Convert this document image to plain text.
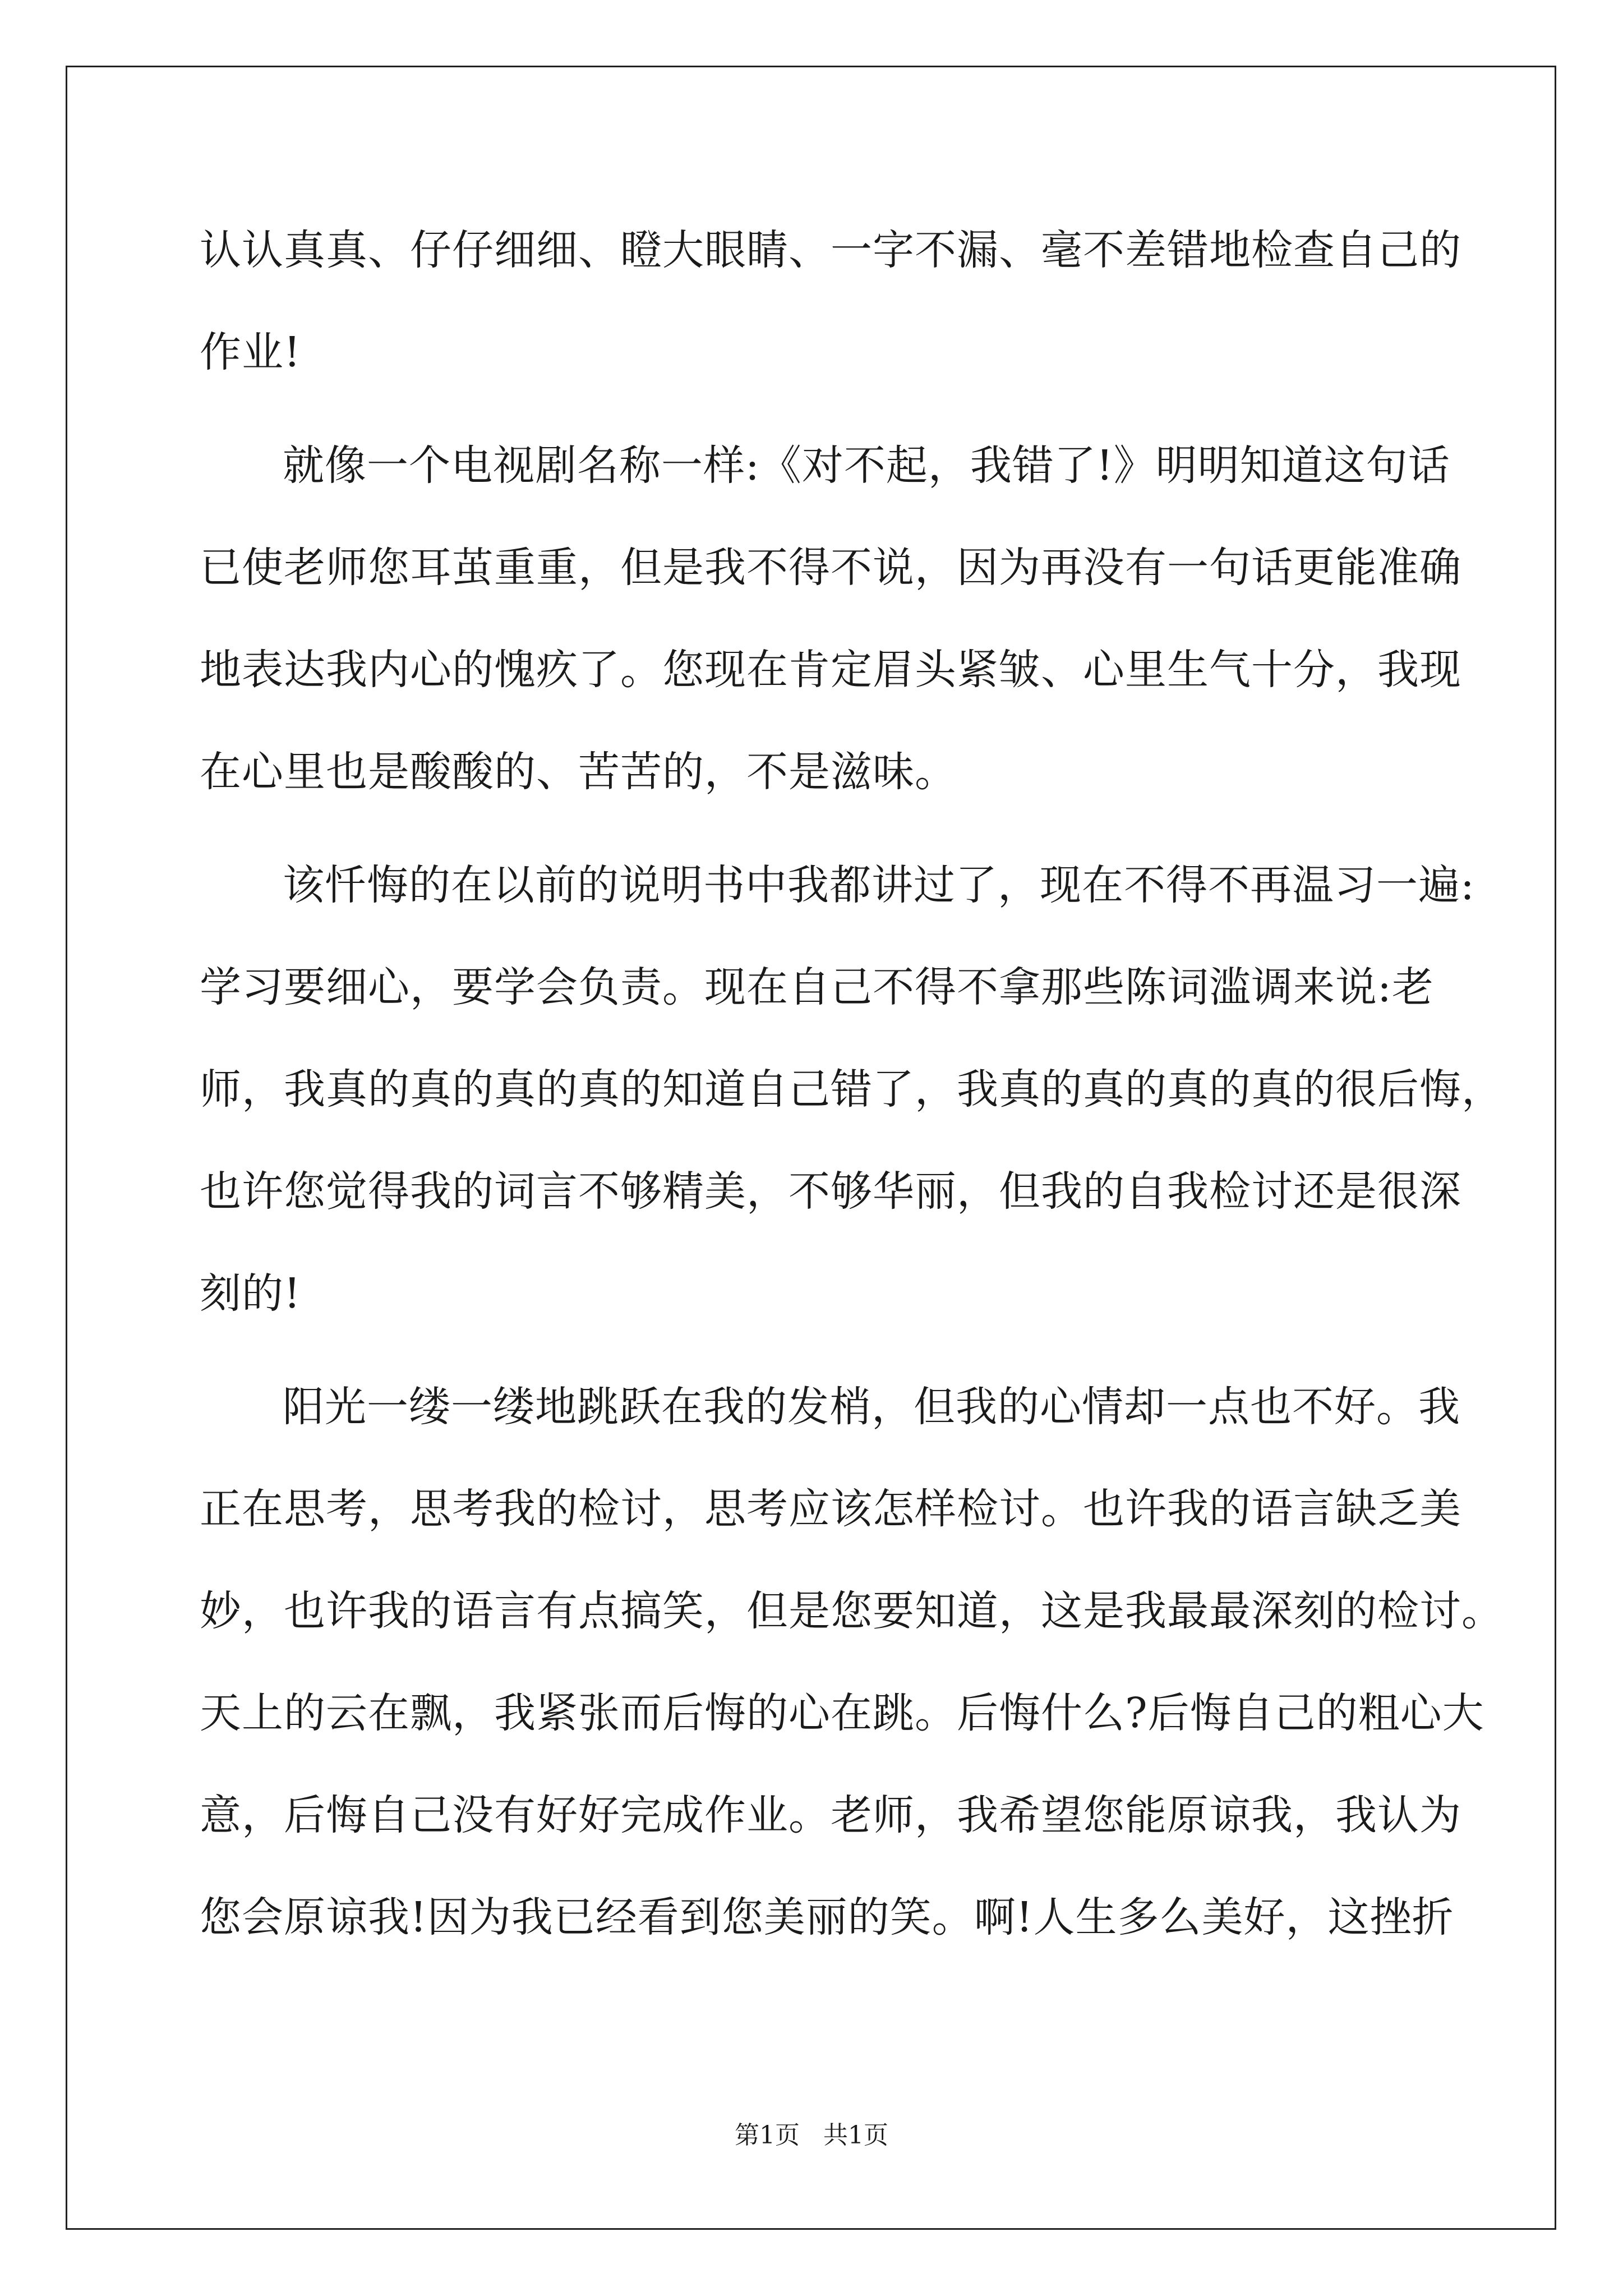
认认真真、仔仔细细、瞪大眼睛、一字不漏、毫不差错地检查自己的
作业!
就像一个电视剧名称一样:《对不起，我错了!》明明知道这句话
已使老师您耳茧重重，但是我不得不说，因为再没有一句话更能准确
地表达我内心的愧疚了。您现在肯定眉头紧皱、心里生气十分，我现
在心里也是酸酸的、苦苦的，不是滋味。
该忏悔的在以前的说明书中我都讲过了，现在不得不再温习一遍:
学习要细心，要学会负责。现在自己不得不拿那些陈词滥调来说:老
师，我真的真的真的真的知道自己错了，我真的真的真的真的很后悔，
也许您觉得我的词言不够精美，不够华丽，但我的自我检讨还是很深
刻的!
阳光一缕一缕地跳跃在我的发梢，但我的心情却一点也不好。我
正在思考，思考我的检讨，思考应该怎样检讨。也许我的语言缺乏美
妙，也许我的语言有点搞笑，但是您要知道，这是我最最深刻的检讨。
天上的云在飘，我紧张而后悔的心在跳。后悔什么?后悔自己的粗心大
意，后悔自己没有好好完成作业。老师，我希望您能原谅我，我认为
您会原谅我!因为我已经看到您美丽的笑。啊!人生多么美好，这挫折
第1页   共1页
